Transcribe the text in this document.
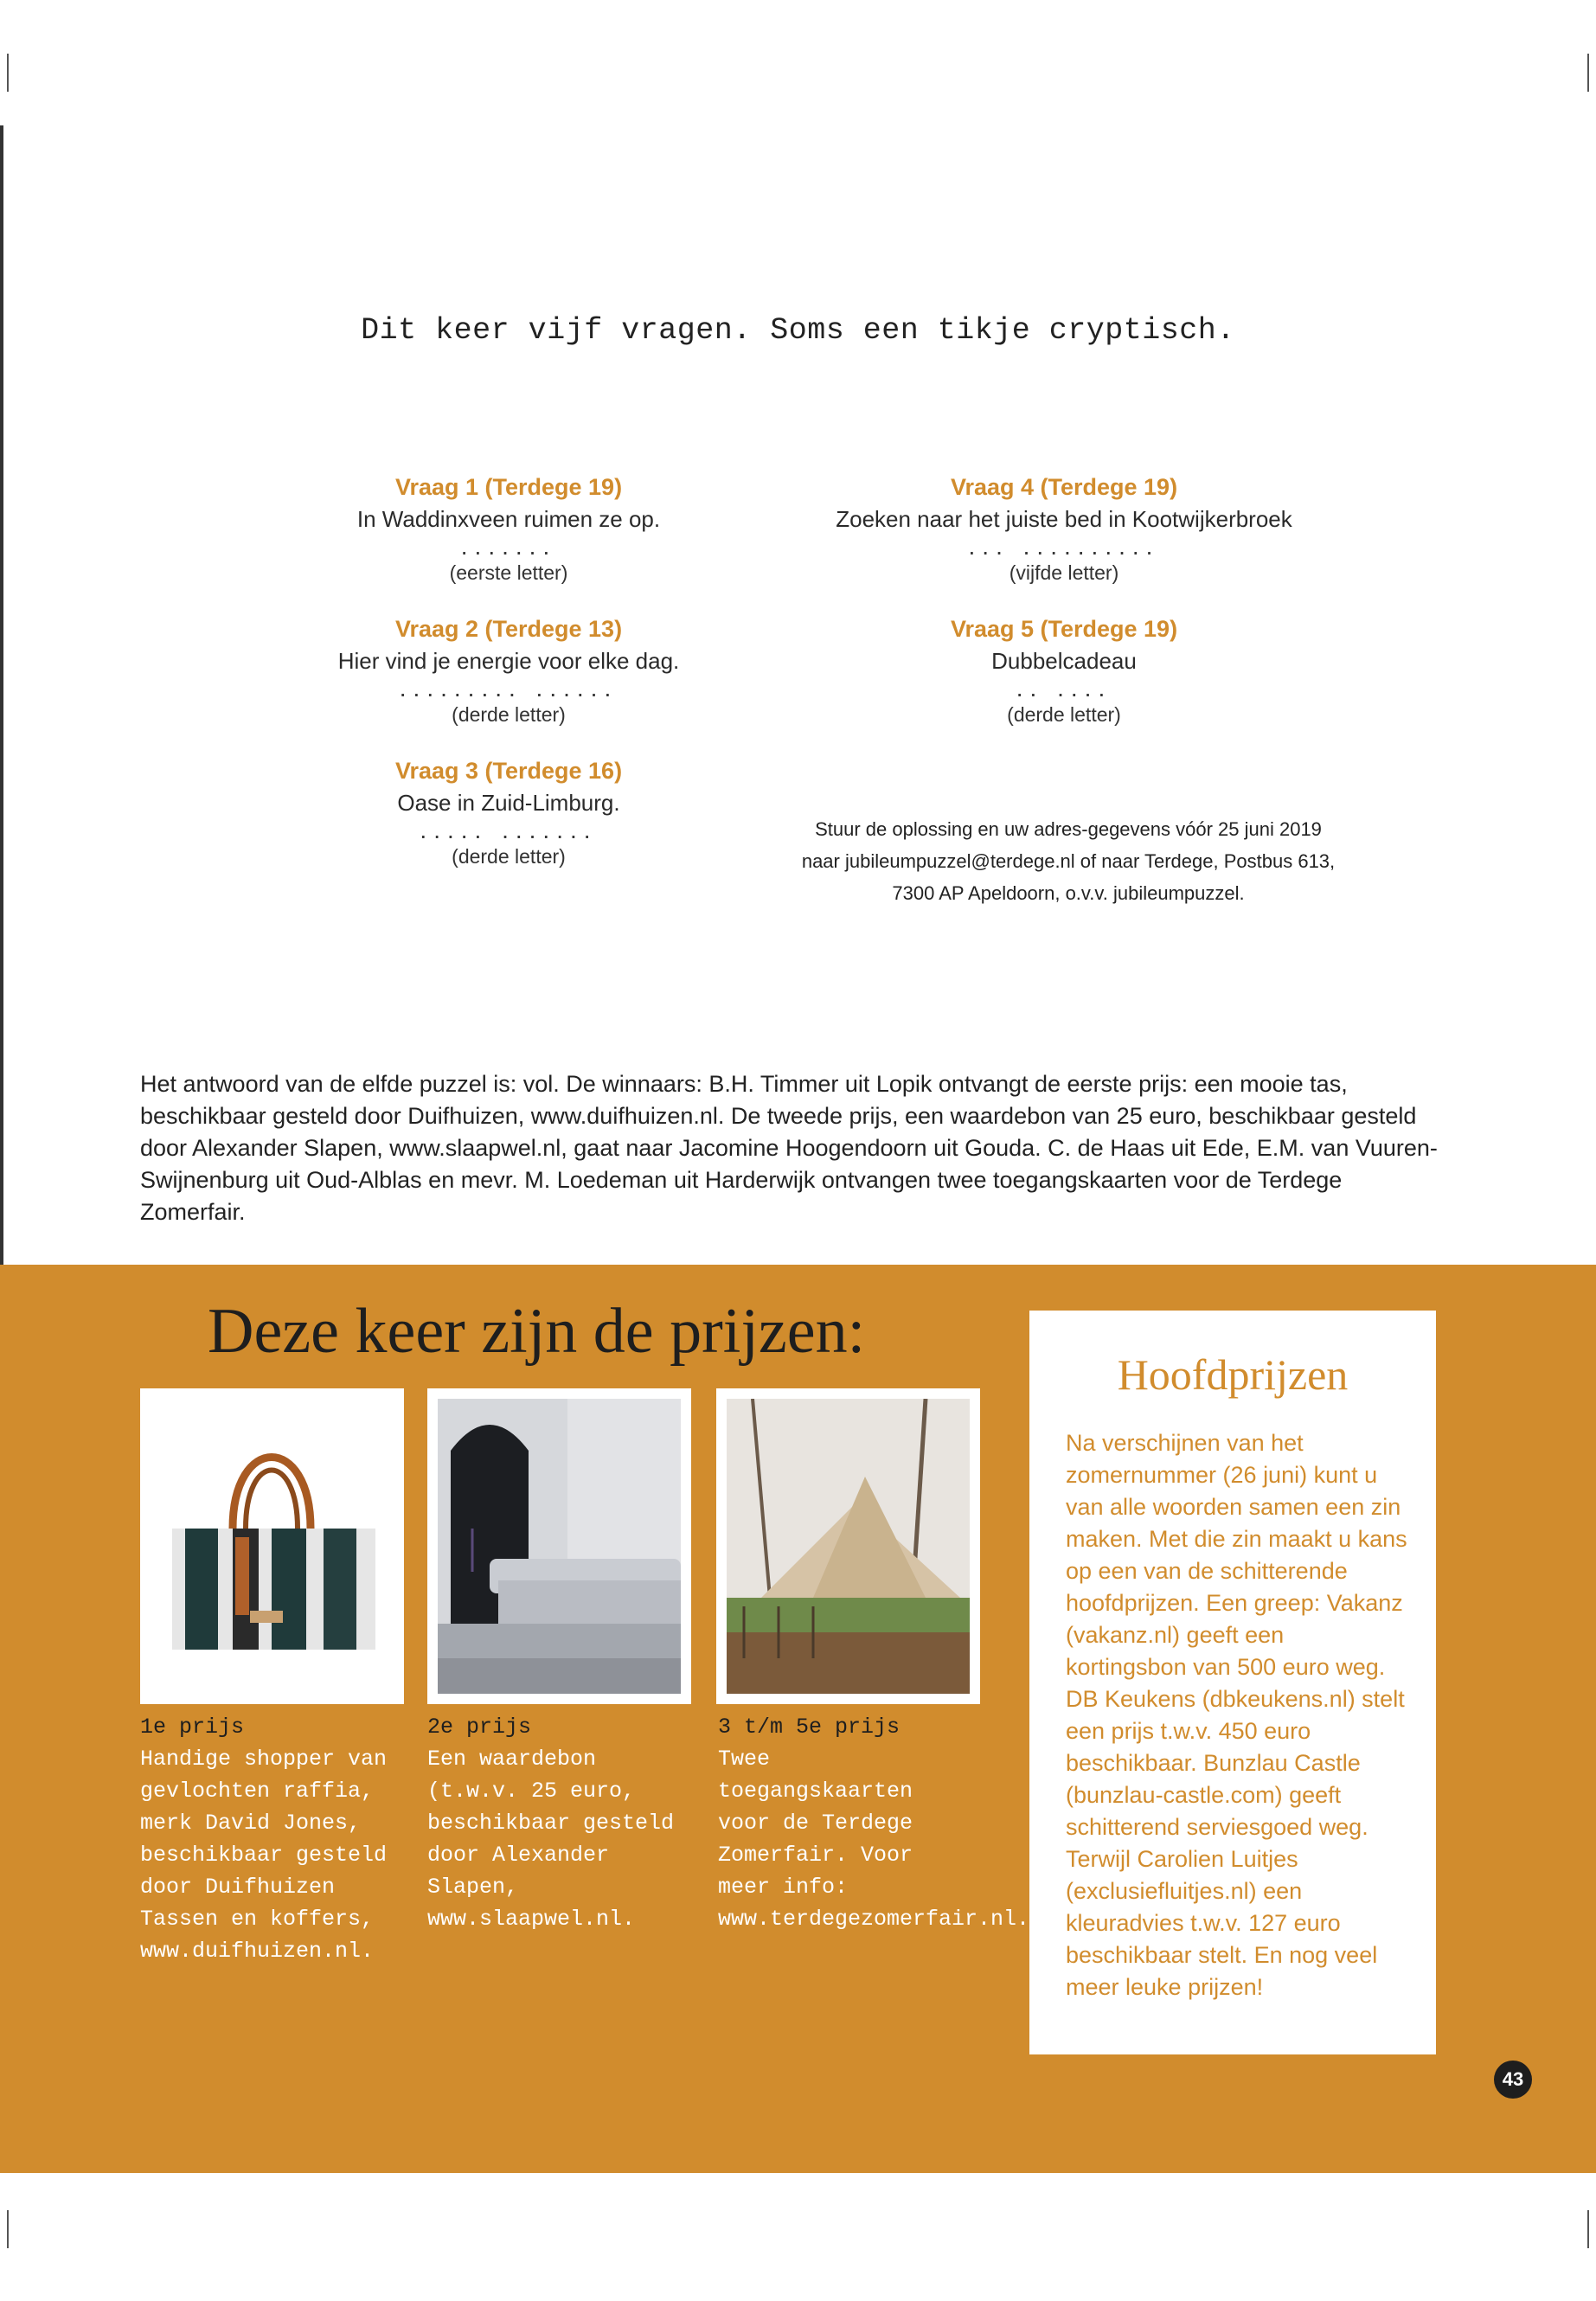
Dit keer vijf vragen. Soms een tikje cryptisch.
Vraag 1 (Terdege 19)
In Waddinxveen ruimen ze op.
.......
(eerste letter)
Vraag 2 (Terdege 13)
Hier vind je energie voor elke dag.
......... ......
(derde letter)
Vraag 3 (Terdege 16)
Oase in Zuid-Limburg.
..... .......
(derde letter)
Vraag 4 (Terdege 19)
Zoeken naar het juiste bed in Kootwijkerbroek
... ..........
(vijfde letter)
Vraag 5 (Terdege 19)
Dubbelcadeau
.. ....
(derde letter)
Stuur de oplossing en uw adres-gegevens vóór 25 juni 2019 naar jubileumpuzzel@terdege.nl of naar Terdege, Postbus 613, 7300 AP Apeldoorn, o.v.v. jubileumpuzzel.
Het antwoord van de elfde puzzel is: vol. De winnaars: B.H. Timmer uit Lopik ontvangt de eerste prijs: een mooie tas, beschikbaar gesteld door Duifhuizen, www.duifhuizen.nl. De tweede prijs, een waardebon van 25 euro, beschikbaar gesteld door Alexander Slapen, www.slaapwel.nl, gaat naar Jacomine Hoogendoorn uit Gouda. C. de Haas uit Ede, E.M. van Vuuren-Swijnenburg uit Oud-Alblas en mevr. M. Loedeman uit Harderwijk ontvangen twee toegangskaarten voor de Terdege Zomerfair.
Deze keer zijn de prijzen:
1e prijs
Handige shopper van gevlochten raffia, merk David Jones, beschikbaar gesteld door Duifhuizen Tassen en koffers, www.duifhuizen.nl.
2e prijs
Een waardebon (t.w.v. 25 euro, beschikbaar gesteld door Alexander Slapen, www.slaapwel.nl.
3 t/m 5e prijs
Twee toegangskaarten voor de Terdege Zomerfair. Voor meer info: www.terdegezomerfair.nl.
Hoofdprijzen
Na verschijnen van het zomernummer (26 juni) kunt u van alle woorden samen een zin maken. Met die zin maakt u kans op een van de schitterende hoofdprijzen. Een greep: Vakanz (vakanz.nl) geeft een kortingsbon van 500 euro weg. DB Keukens (dbkeukens.nl) stelt een prijs t.w.v. 450 euro beschikbaar. Bunzlau Castle (bunzlau-castle.com) geeft schitterend serviesgoed weg. Terwijl Carolien Luitjes (exclusiefluitjes.nl) een kleuradvies t.w.v. 127 euro beschikbaar stelt. En nog veel meer leuke prijzen!
43
